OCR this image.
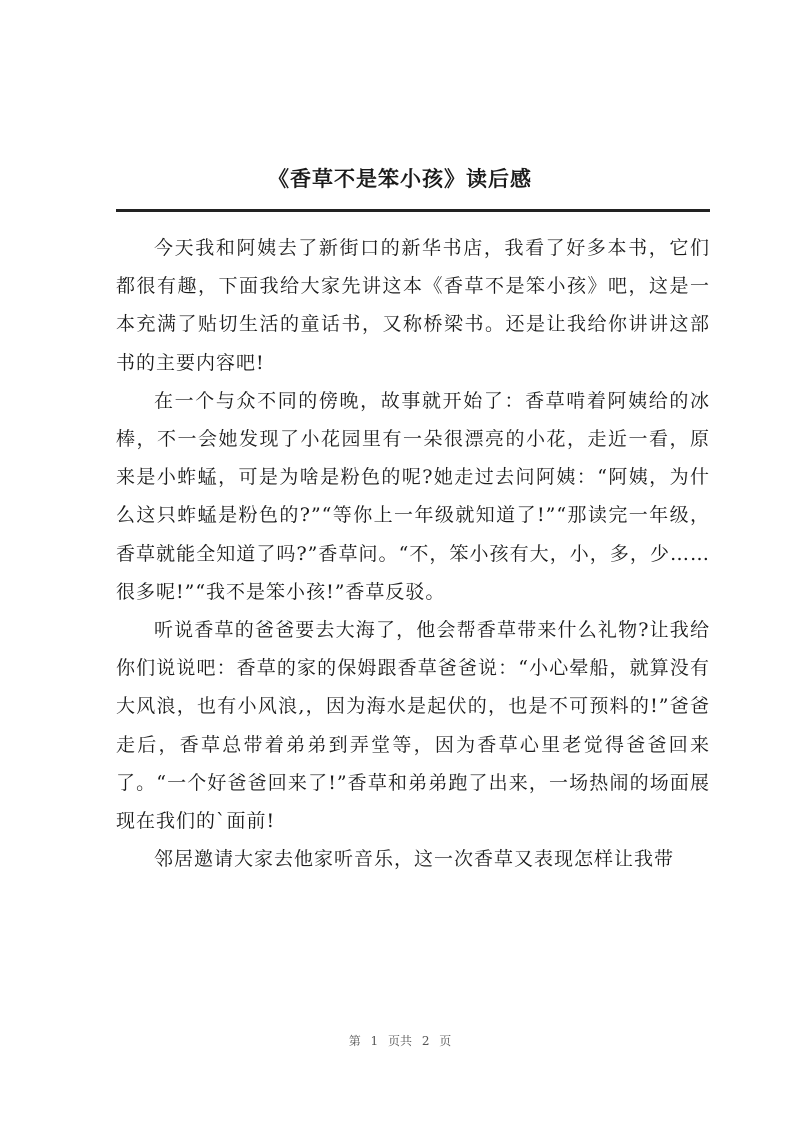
《香草不是笨小孩》读后感

今天我和阿姨去了新街口的新华书店，我看了好多本书，它们都很有趣，下面我给大家先讲这本《香草不是笨小孩》吧，这是一本充满了贴切生活的童话书，又称桥梁书。还是让我给你讲讲这部书的主要内容吧!

在一个与众不同的傍晚，故事就开始了：香草啃着阿姨给的冰棒，不一会她发现了小花园里有一朵很漂亮的小花，走近一看，原来是小蚱蜢，可是为啥是粉色的呢?她走过去问阿姨：“阿姨，为什么这只蚱蜢是粉色的?”“等你上一年级就知道了!”“那读完一年级，香草就能全知道了吗?”香草问。“不，笨小孩有大，小，多，少……很多呢!”“我不是笨小孩!”香草反驳。

听说香草的爸爸要去大海了，他会帮香草带来什么礼物?让我给你们说说吧：香草的家的保姆跟香草爸爸说：“小心晕船，就算没有大风浪，也有小风浪,，因为海水是起伏的，也是不可预料的!”爸爸走后，香草总带着弟弟到弄堂等，因为香草心里老觉得爸爸回来了。“一个好爸爸回来了!”香草和弟弟跑了出来，一场热闹的场面展现在我们的`面前!

邻居邀请大家去他家听音乐，这一次香草又表现怎样让我带

第 1 页共 2 页
